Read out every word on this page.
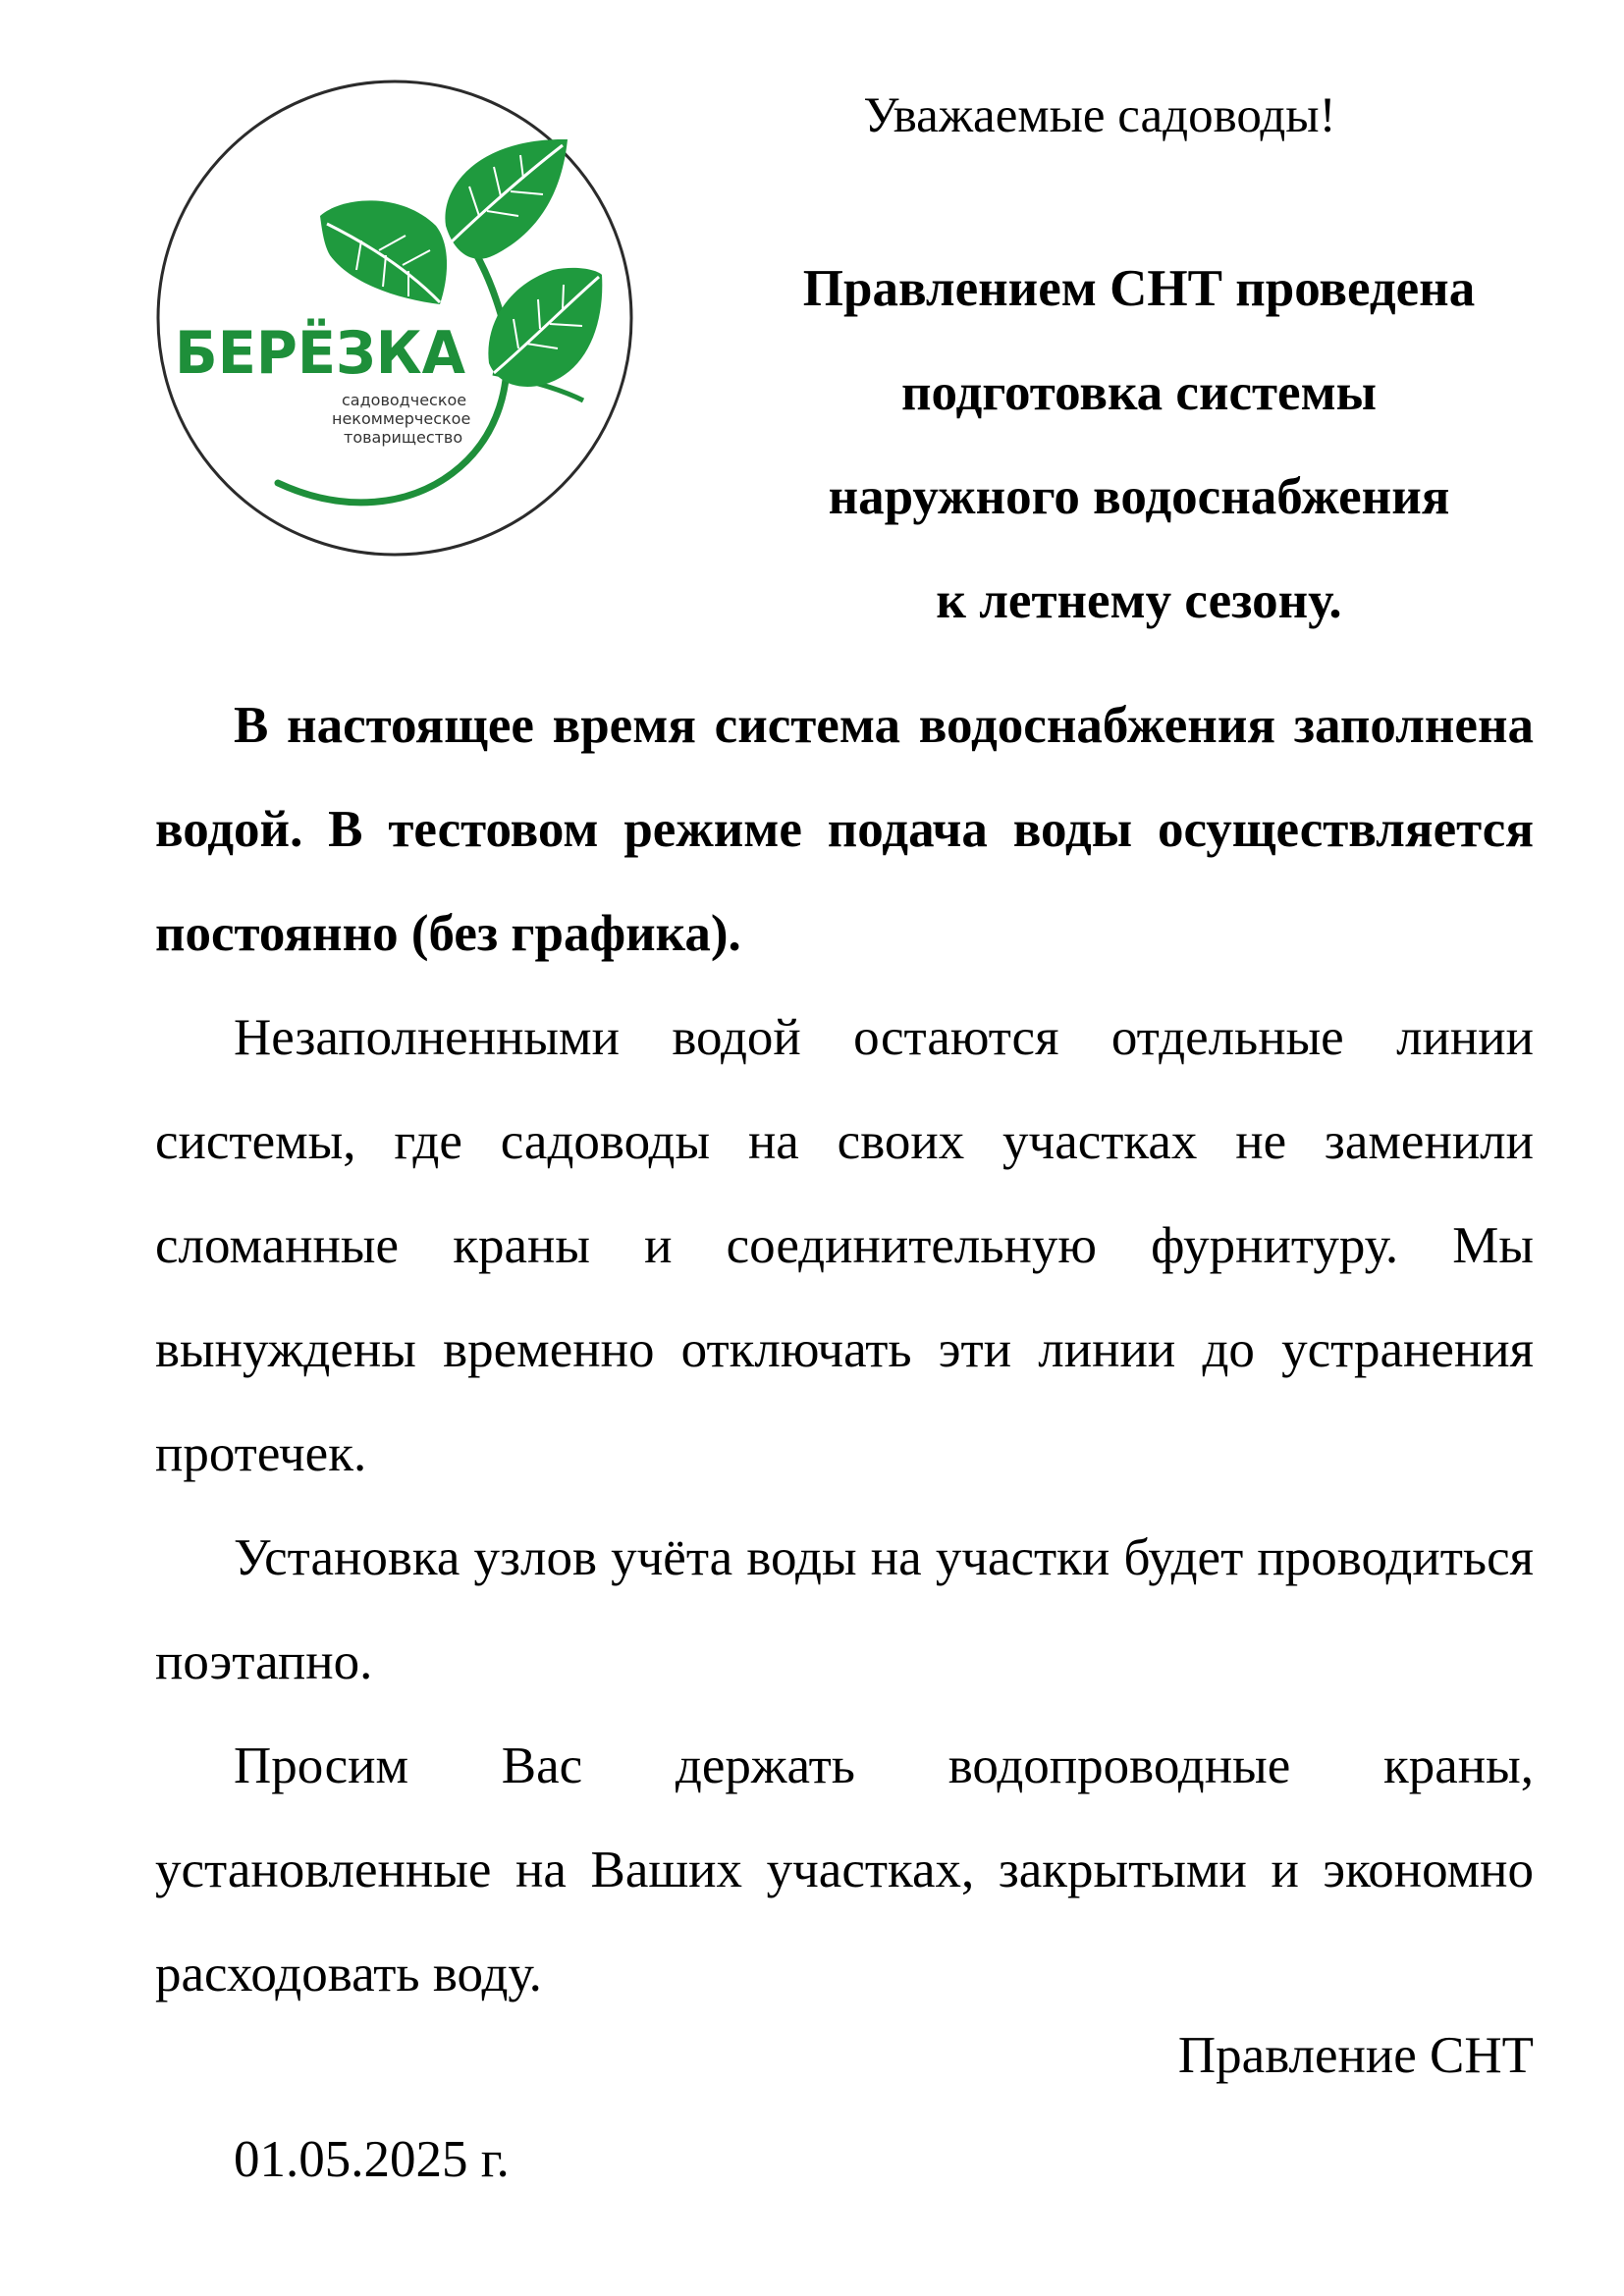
БЕРЁЗКА
садоводческое
некоммерческое
товарищество
Уважаемые садоводы!
Правлением СНТ проведена
подготовка системы
наружного водоснабжения
к летнему сезону.

В настоящее время система водоснабжения заполнена водой. В тестовом режиме подача воды осуществляется постоянно (без графика).

Незаполненными водой остаются отдельные линии системы, где садоводы на своих участках не заменили сломанные краны и соединительную фурнитуру. Мы вынуждены временно отключать эти линии до устранения протечек.

Установка узлов учёта воды на участки будет проводиться поэтапно.

Просим Вас держать водопроводные краны, установленные на Ваших участках, закрытыми и экономно расходовать воду.

Правление СНТ
01.05.2025 г.
